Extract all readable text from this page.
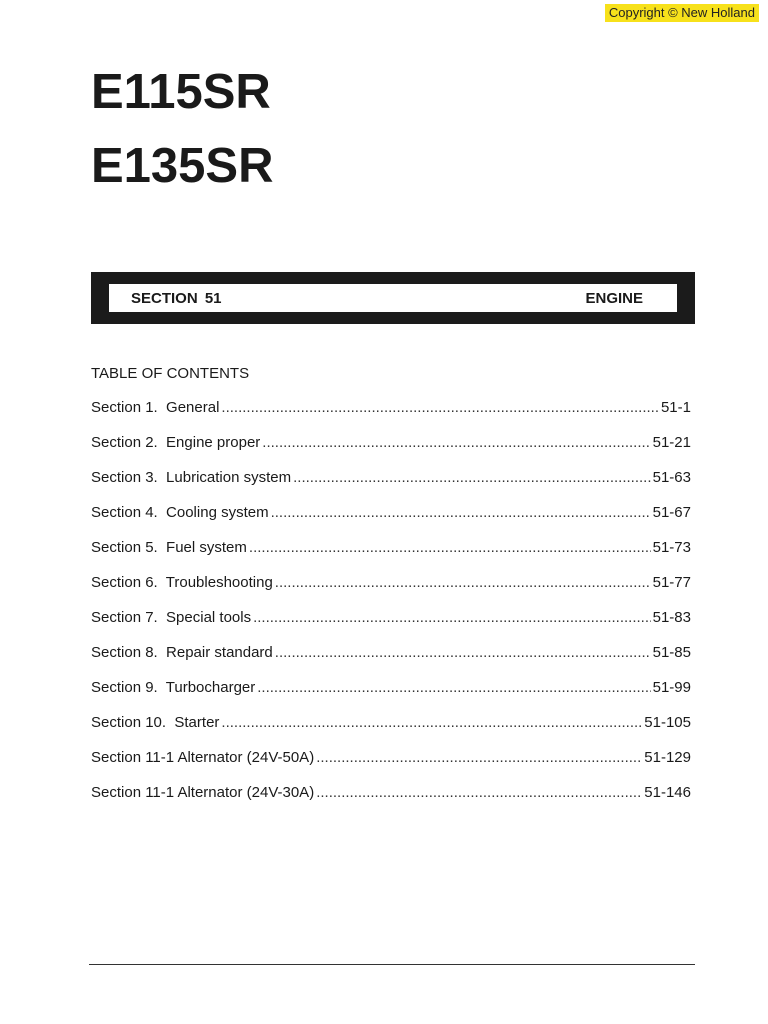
Copyright © New Holland
E115SR
E135SR
SECTION 51	ENGINE
TABLE OF CONTENTS
Section 1.  General .....	51-1
Section 2.  Engine proper .....	51-21
Section 3.  Lubrication system .....	51-63
Section 4.  Cooling system .....	51-67
Section 5.  Fuel system .....	51-73
Section 6.  Troubleshooting .....	51-77
Section 7.  Special tools .....	51-83
Section 8.  Repair standard .....	51-85
Section 9.  Turbocharger .....	51-99
Section 10.  Starter .....	51-105
Section 11-1 Alternator (24V-50A) .....	51-129
Section 11-1 Alternator (24V-30A) .....	51-146
